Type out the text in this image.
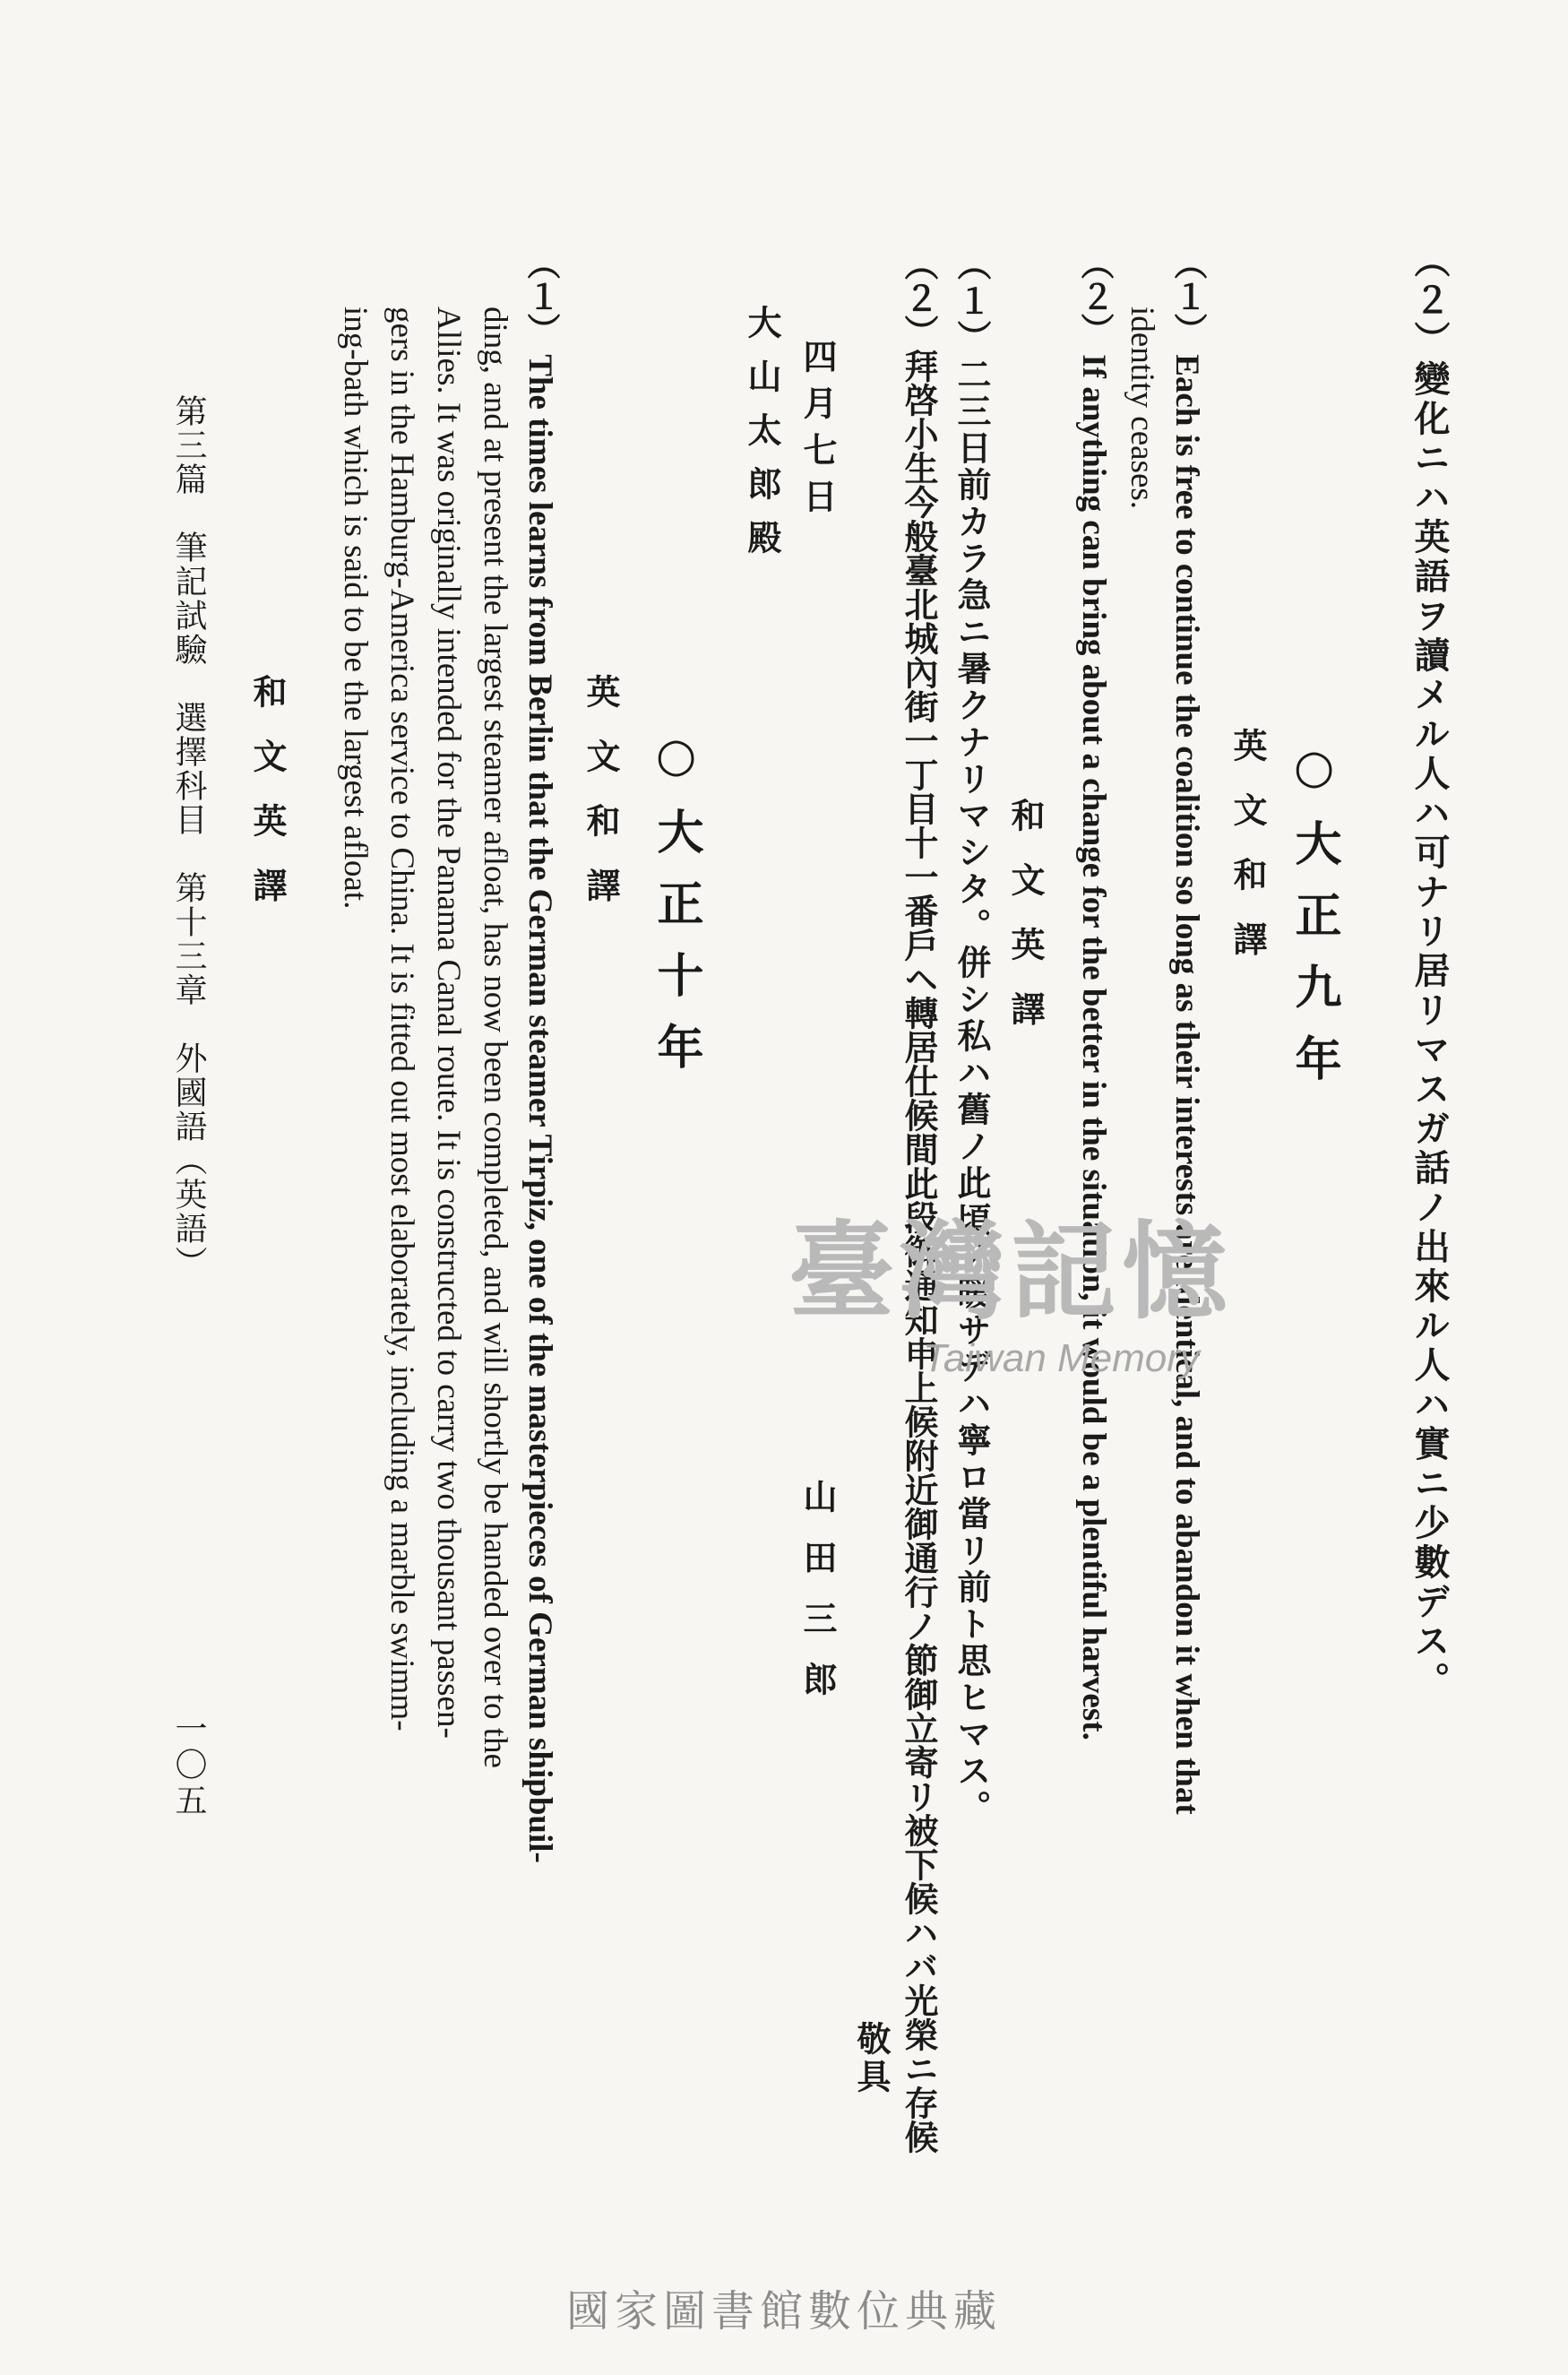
（２）變化ニハ英語ヲ讀メル人ハ可ナリ居リマスガ話ノ出來ル人ハ實ニ少數デス。
○大正九年
英文和譯
（１） Each is free to continue the coalition so long as their interests are identical, and to abandon it when that
identity ceases.
（２） If anything can bring about a change for the better in the situation, it would be a plentiful harvest.
和文英譯
（１）二三日前カラ急ニ暑クナリマシタ。併シ私ハ舊ノ此頃ノ暖サデハ寧ロ當リ前ト思ヒマス。
（２）拜啓小生今般臺北城內街一丁目十一番戶ヘ轉居仕候間此段御通知申上候附近御通行ノ節御立寄リ被下候ハバ光榮ニ存候
敬具
四月七日
山田三郎
大山太郎殿
○大正十年
英文和譯
（１） The times learns from Berlin that the German steamer Tirpiz, one of the masterpieces of German shipbuil-
ding, and at present the largest steamer afloat, has now been completed, and will shortly be handed over to the
Allies. It was originally intended for the Panama Canal route. It is constructed to carry two thousant passen-
gers in the Hamburg-America service to China. It is fitted out most elaborately, including a marble swimm-
ing-bath which is said to be the largest afloat.
和文英譯
第三篇　筆記試驗　選擇科目　第十三章　外國語（英語）
一〇五
臺灣記憶
Taiwan Memory
國家圖書館數位典藏
